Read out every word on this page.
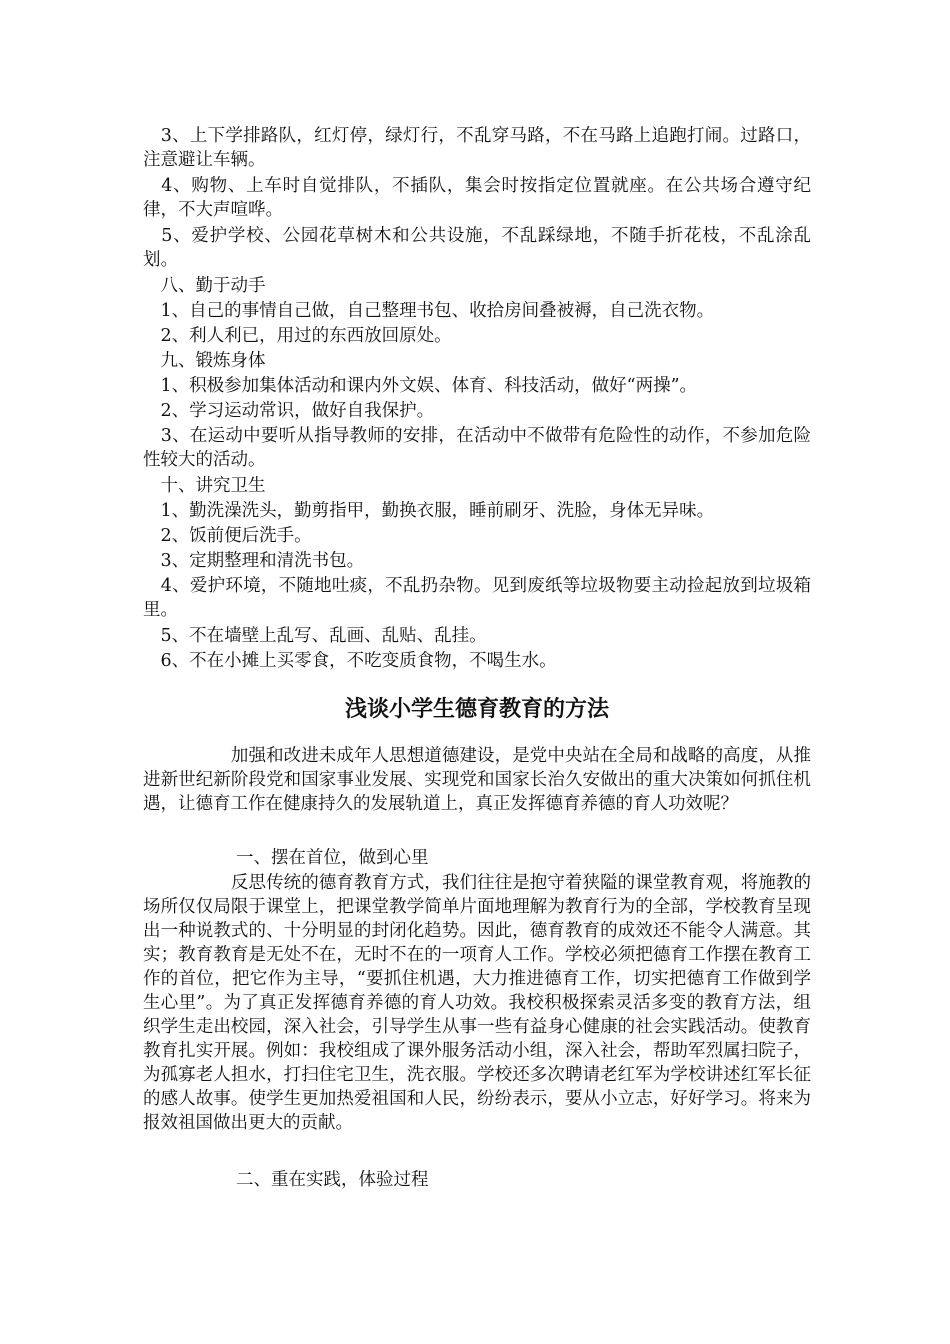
　3、上下学排路队，红灯停，绿灯行，不乱穿马路，不在马路上追跑打闹。过路口，注意避让车辆。

　4、购物、上车时自觉排队，不插队，集会时按指定位置就座。在公共场合遵守纪律，不大声喧哗。

　5、爱护学校、公园花草树木和公共设施，不乱踩绿地，不随手折花枝，不乱涂乱划。

　八、勤于动手

　1、自己的事情自己做，自己整理书包、收拾房间叠被褥，自己洗衣物。

　2、利人利已，用过的东西放回原处。

　九、锻炼身体

　1、积极参加集体活动和课内外文娱、体育、科技活动，做好“两操”。

　2、学习运动常识，做好自我保护。

　3、在运动中要听从指导教师的安排，在活动中不做带有危险性的动作，不参加危险性较大的活动。

　十、讲究卫生

　1、勤洗澡洗头，勤剪指甲，勤换衣服，睡前刷牙、洗脸，身体无异味。

　2、饭前便后洗手。

　3、定期整理和清洗书包。

　4、爱护环境，不随地吐痰，不乱扔杂物。见到废纸等垃圾物要主动捡起放到垃圾箱里。

　5、不在墙壁上乱写、乱画、乱贴、乱挂。

　6、不在小摊上买零食，不吃变质食物，不喝生水。

浅谈小学生德育教育的方法

　　　　　加强和改进未成年人思想道德建设，是党中央站在全局和战略的高度，从推进新世纪新阶段党和国家事业发展、实现党和国家长治久安做出的重大决策如何抓住机遇，让德育工作在健康持久的发展轨道上，真正发挥德育养德的育人功效呢？

　　　　　 一、摆在首位，做到心里

　　　　　反思传统的德育教育方式，我们往往是抱守着狭隘的课堂教育观，将施教的场所仅仅局限于课堂上，把课堂教学简单片面地理解为教育行为的全部，学校教育呈现出一种说教式的、十分明显的封闭化趋势。因此，德育教育的成效还不能令人满意。其实；教育教育是无处不在，无时不在的一项育人工作。学校必须把德育工作摆在教育工作的首位，把它作为主导，“要抓住机遇，大力推进德育工作，切实把德育工作做到学生心里”。为了真正发挥德育养德的育人功效。我校积极探索灵活多变的教育方法，组织学生走出校园，深入社会，引导学生从事一些有益身心健康的社会实践活动。使教育教育扎实开展。例如：我校组成了课外服务活动小组，深入社会，帮助军烈属扫院子，为孤寡老人担水，打扫住宅卫生，洗衣服。学校还多次聘请老红军为学校讲述红军长征的感人故事。使学生更加热爱祖国和人民，纷纷表示，要从小立志，好好学习。将来为报效祖国做出更大的贡献。

　　　　　 二、重在实践，体验过程
